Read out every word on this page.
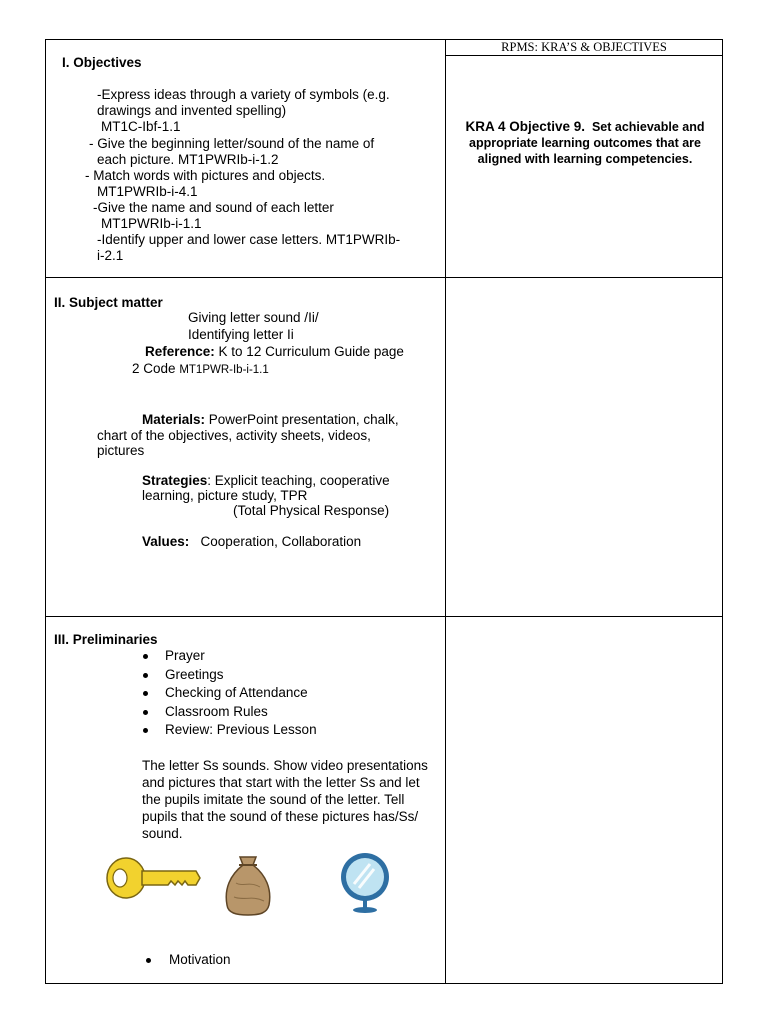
RPMS: KRA’S & OBJECTIVES
I. Objectives
-Express ideas through a variety of symbols (e.g.
drawings and invented spelling)
MT1C-Ibf-1.1
- Give the beginning letter/sound of the name of
each picture. MT1PWRIb-i-1.2
- Match words with pictures and objects.
MT1PWRIb-i-4.1
-Give the name and sound of each letter
MT1PWRIb-i-1.1
-Identify upper and lower case letters. MT1PWRIb-
i-2.1
KRA 4 Objective 9. Set achievable and
appropriate learning outcomes that are
aligned with learning competencies.
II. Subject matter
Giving letter sound /Ii/
Identifying letter Ii
Reference: K to 12 Curriculum Guide page
2 Code MT1PWR-Ib-i-1.1
Materials: PowerPoint presentation, chalk,
chart of the objectives, activity sheets, videos,
pictures
Strategies: Explicit teaching, cooperative
learning, picture study, TPR
(Total Physical Response)
Values: Cooperation, Collaboration
III. Preliminaries
Prayer
Greetings
Checking of Attendance
Classroom Rules
Review: Previous Lesson
The letter Ss sounds. Show video presentations and pictures that start with the letter Ss and let the pupils imitate the sound of the letter. Tell pupils that the sound of these pictures has/Ss/ sound.
Motivation
